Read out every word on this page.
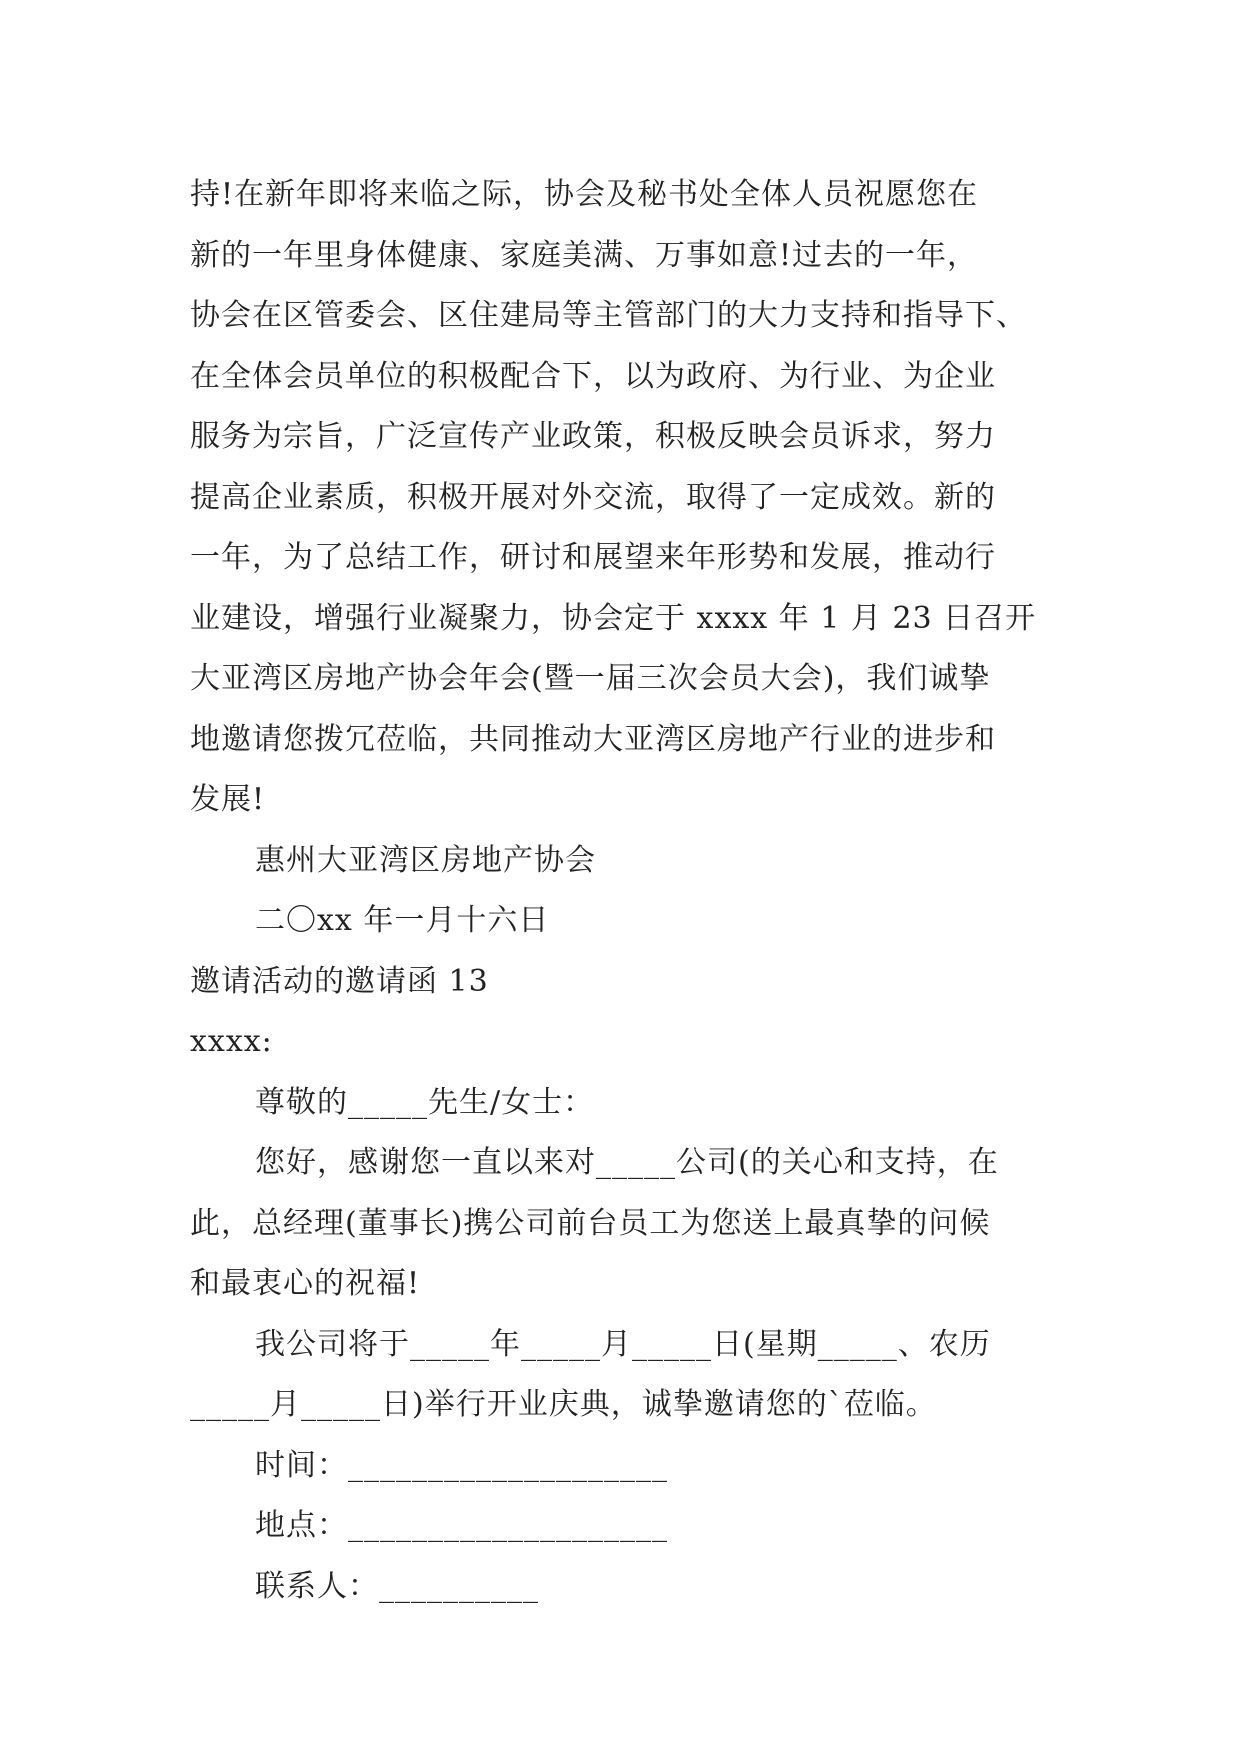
持!在新年即将来临之际，协会及秘书处全体人员祝愿您在
新的一年里身体健康、家庭美满、万事如意!过去的一年，
协会在区管委会、区住建局等主管部门的大力支持和指导下、
在全体会员单位的积极配合下，以为政府、为行业、为企业
服务为宗旨，广泛宣传产业政策，积极反映会员诉求，努力
提高企业素质，积极开展对外交流，取得了一定成效。新的
一年，为了总结工作，研讨和展望来年形势和发展，推动行
业建设，增强行业凝聚力，协会定于 xxxx 年 1 月 23 日召开
大亚湾区房地产协会年会(暨一届三次会员大会)，我们诚挚
地邀请您拨冗莅临，共同推动大亚湾区房地产行业的进步和
发展!
惠州大亚湾区房地产协会
二〇xx 年一月十六日
邀请活动的邀请函 13
xxxx:
尊敬的_____先生/女士：
您好，感谢您一直以来对_____公司(的关心和支持，在
此，总经理(董事长)携公司前台员工为您送上最真挚的问候
和最衷心的祝福!
我公司将于_____年_____月_____日(星期_____、农历
_____月_____日)举行开业庆典，诚挚邀请您的`莅临。
时间：____________________
地点：____________________
联系人：__________
